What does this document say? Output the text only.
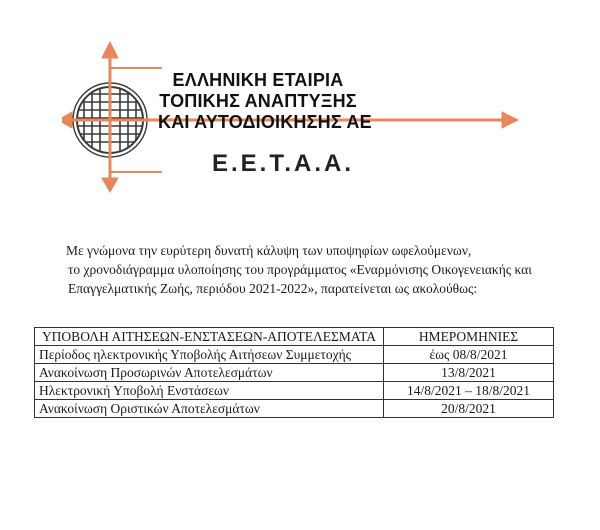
ΕΛΛΗΝΙΚΗ ΕΤΑΙΡΙΑ
ΤΟΠΙΚΗΣ ΑΝΑΠΤΥΞΗΣ
ΚΑΙ ΑΥΤΟΔΙΟΙΚΗΣΗΣ ΑΕ
Ε.Ε.Τ.Α.Α.
Με γνώμονα την ευρύτερη δυνατή κάλυψη των υποψηφίων ωφελούμενων,
το χρονοδιάγραμμα υλοποίησης του προγράμματος «Εναρμόνισης Οικογενειακής και
Επαγγελματικής Ζωής, περιόδου 2021-2022», παρατείνεται ως ακολούθως:
ΥΠΟΒΟΛΗ ΑΙΤΗΣΕΩΝ-ΕΝΣΤΑΣΕΩΝ-ΑΠΟΤΕΛΕΣΜΑΤΑ	ΗΜΕΡΟΜΗΝΙΕΣ
Περίοδος ηλεκτρονικής Υποβολής Αιτήσεων Συμμετοχής	έως 08/8/2021
Ανακοίνωση Προσωρινών Αποτελεσμάτων	13/8/2021
Ηλεκτρονική Υποβολή Ενστάσεων	14/8/2021 – 18/8/2021
Ανακοίνωση Οριστικών Αποτελεσμάτων	20/8/2021
